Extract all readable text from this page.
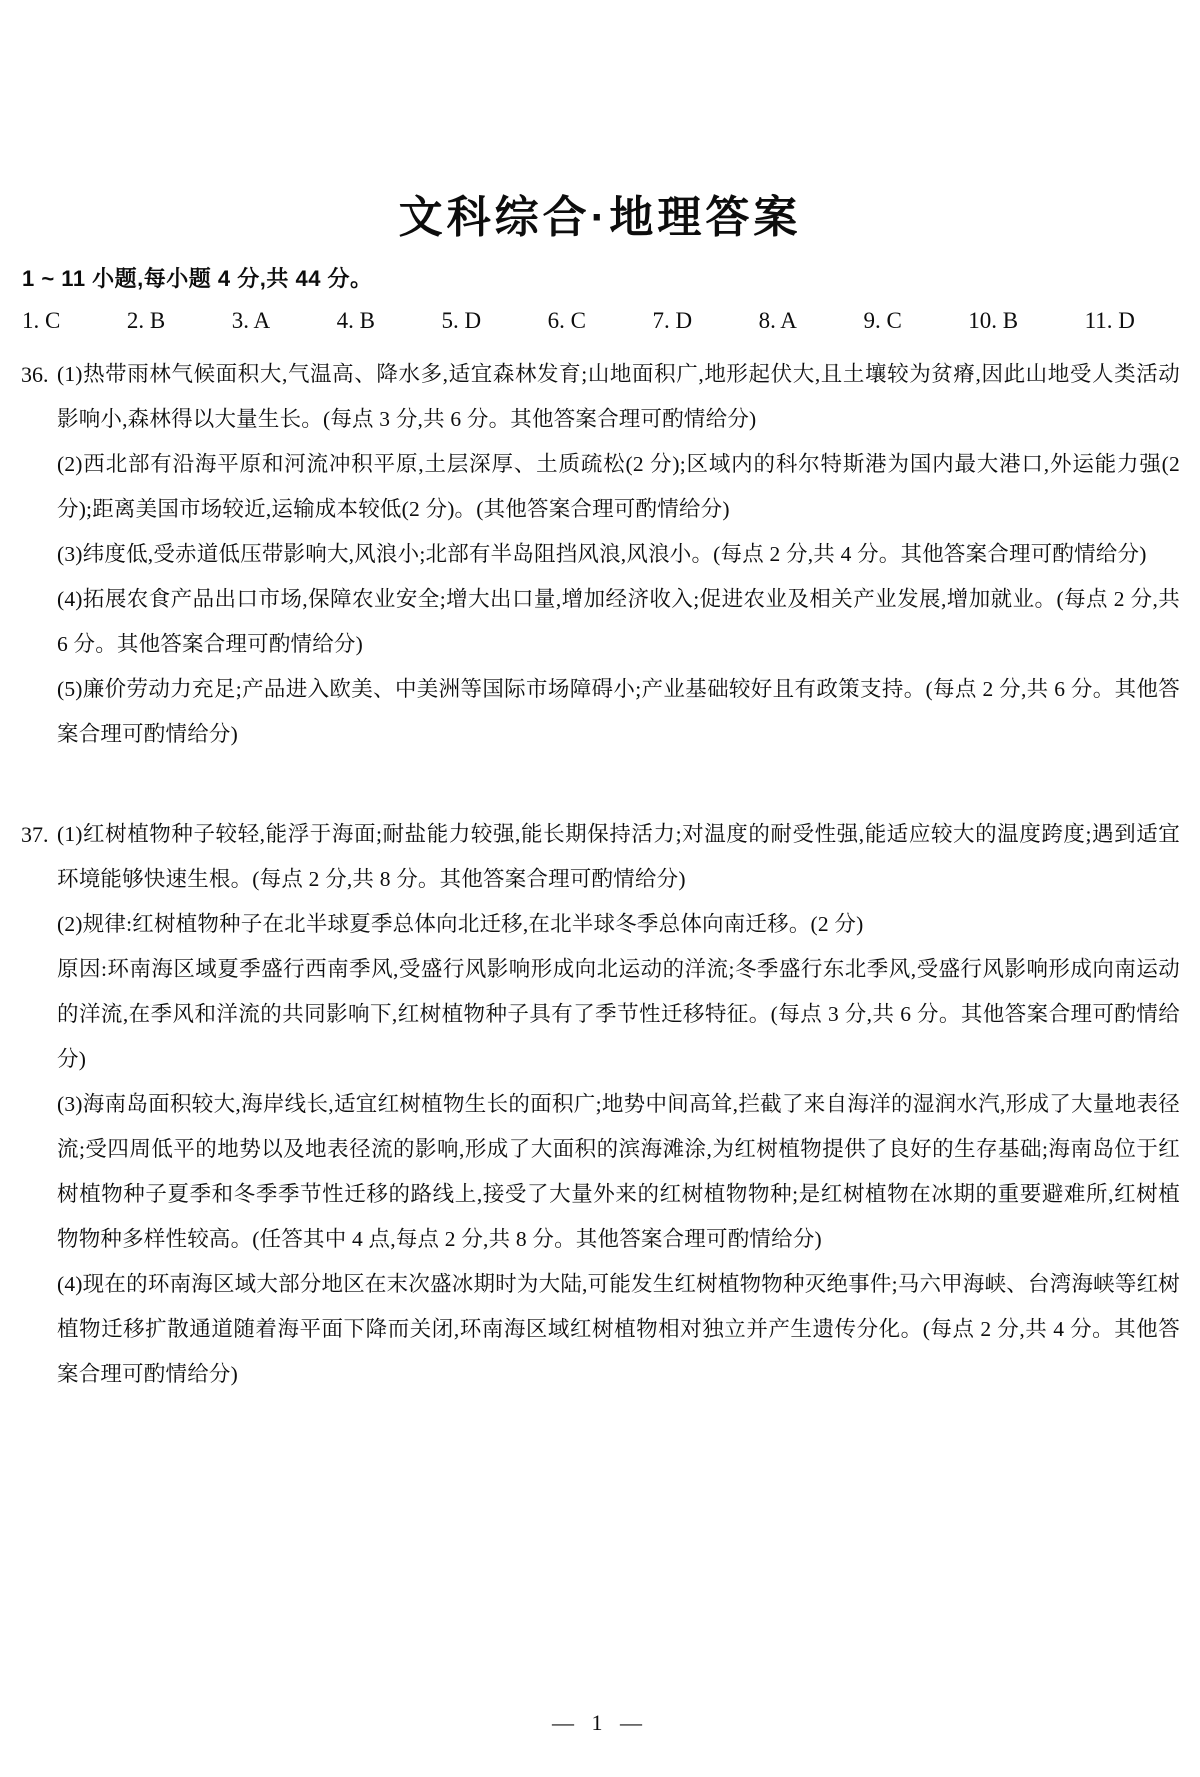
文科综合·地理答案

1 ~ 11 小题,每小题 4 分,共 44 分。

1. C	2. B	3. A	4. B	5. D	6. C	7. D	8. A	9. C	10. B	11. D
36. (1)热带雨林气候面积大,气温高、降水多,适宜森林发育;山地面积广,地形起伏大,且土壤较为贫瘠,因此山地受人类活动影响小,森林得以大量生长。(每点 3 分,共 6 分。其他答案合理可酌情给分)

(2)西北部有沿海平原和河流冲积平原,土层深厚、土质疏松(2 分);区域内的科尔特斯港为国内最大港口,外运能力强(2 分);距离美国市场较近,运输成本较低(2 分)。(其他答案合理可酌情给分)

(3)纬度低,受赤道低压带影响大,风浪小;北部有半岛阻挡风浪,风浪小。(每点 2 分,共 4 分。其他答案合理可酌情给分)

(4)拓展农食产品出口市场,保障农业安全;增大出口量,增加经济收入;促进农业及相关产业发展,增加就业。(每点 2 分,共 6 分。其他答案合理可酌情给分)

(5)廉价劳动力充足;产品进入欧美、中美洲等国际市场障碍小;产业基础较好且有政策支持。(每点 2 分,共 6 分。其他答案合理可酌情给分)

37. (1)红树植物种子较轻,能浮于海面;耐盐能力较强,能长期保持活力;对温度的耐受性强,能适应较大的温度跨度;遇到适宜环境能够快速生根。(每点 2 分,共 8 分。其他答案合理可酌情给分)

(2)规律:红树植物种子在北半球夏季总体向北迁移,在北半球冬季总体向南迁移。(2 分)

原因:环南海区域夏季盛行西南季风,受盛行风影响形成向北运动的洋流;冬季盛行东北季风,受盛行风影响形成向南运动的洋流,在季风和洋流的共同影响下,红树植物种子具有了季节性迁移特征。(每点 3 分,共 6 分。其他答案合理可酌情给分)

(3)海南岛面积较大,海岸线长,适宜红树植物生长的面积广;地势中间高耸,拦截了来自海洋的湿润水汽,形成了大量地表径流;受四周低平的地势以及地表径流的影响,形成了大面积的滨海滩涂,为红树植物提供了良好的生存基础;海南岛位于红树植物种子夏季和冬季季节性迁移的路线上,接受了大量外来的红树植物物种;是红树植物在冰期的重要避难所,红树植物物种多样性较高。(任答其中 4 点,每点 2 分,共 8 分。其他答案合理可酌情给分)

(4)现在的环南海区域大部分地区在末次盛冰期时为大陆,可能发生红树植物物种灭绝事件;马六甲海峡、台湾海峡等红树植物迁移扩散通道随着海平面下降而关闭,环南海区域红树植物相对独立并产生遗传分化。(每点 2 分,共 4 分。其他答案合理可酌情给分)

— 1 —
